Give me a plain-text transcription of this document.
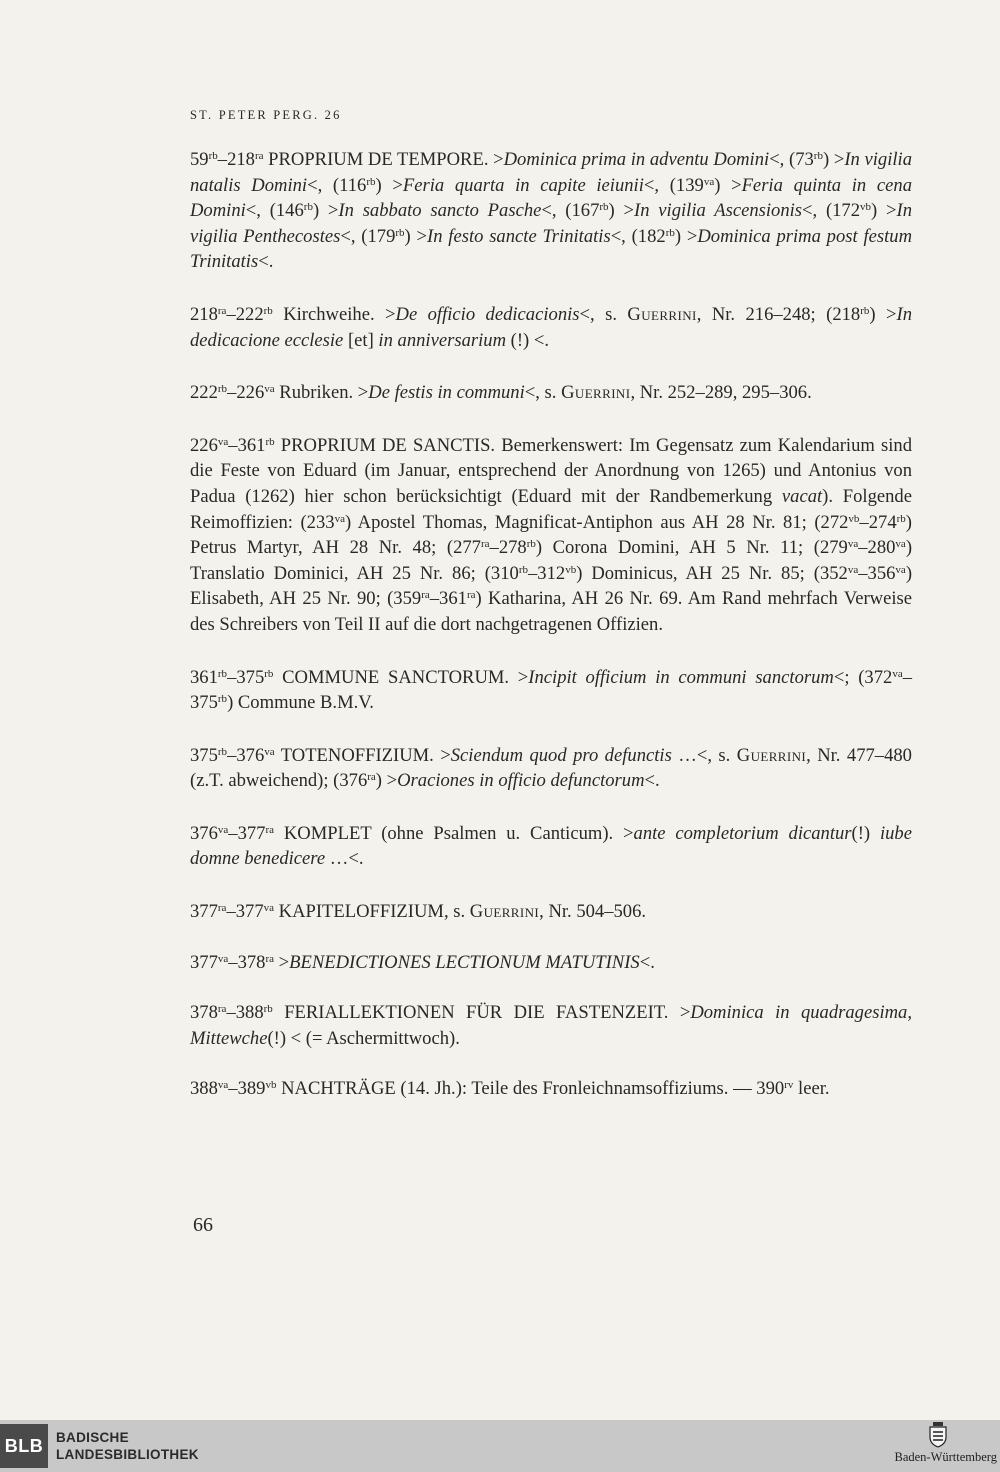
ST. PETER PERG. 26

$59^{rb}-218^{ra}$ PROPRIUM DE TEMPORE. >Dominica prima in adventu Domini<, $(73^{rb}) >In$ vigilia natalis Domini<, $(116^{rb})$ >Feria quarta in capite ieiunii<, $(139^{va})$ >Feria quinta in cena Domini<, $(146^{rb}) >In$ sabbato sancto Pasche<, $(167^{rb}) >In$ vigilia Ascensionis<, $(172^{vb}) >In$ vigilia Penthecostes<, $(179^{rb}) >In$ festo sancte Trinitatis<, $(182^{rb})$ >Dominica prima post festum Trinitatis<.

$218^{ra}-222^{rb}$ Kirchweihe. >De officio dedicacionis<, s. Guerrini, Nr. 216–248; $(218^{rb}) >In$ dedicacione ecclesie [et] in anniversarium (!) <.

$222^{rb}-226^{va}$ Rubriken. >De festis in communi<, s. Guerrini, Nr. 252–289, 295–306.

$226^{va}-361^{rb}$ PROPRIUM DE SANCTIS. Bemerkenswert: Im Gegensatz zum Kalendarium sind die Feste von Eduard (im Januar, entsprechend der Anordnung von 1265) und Antonius von Padua (1262) hier schon berücksichtigt (Eduard mit der Randbemerkung vacat). Folgende Reimoffizien: $(233^{va})$ Apostel Thomas, Magnificat-Antiphon aus AH 28 Nr. 81; $(272^{vb}-274^{rb})$ Petrus Martyr, AH 28 Nr. 48; $(277^{ra}-278^{rb})$ Corona Domini, AH 5 Nr. 11; $(279^{va}-280^{va})$ Translatio Dominici, AH 25 Nr. 86; $(310^{rb}-312^{vb})$ Dominicus, AH 25 Nr. 85; $(352^{va}-356^{va})$ Elisabeth, AH 25 Nr. 90; $(359^{ra}-361^{ra})$ Katharina, AH 26 Nr. 69. Am Rand mehrfach Verweise des Schreibers von Teil II auf die dort nachgetragenen Offizien.

$361^{rb}-375^{rb}$ COMMUNE SANCTORUM. >Incipit officium in communi sanctorum<; $(372^{va}-375^{rb})$ Commune B.M.V.

$375^{rb}-376^{va}$ TOTENOFFIZIUM. >Sciendum quod pro defunctis …<, s. Guerrini, Nr. 477–480 (z.T. abweichend); $(376^{ra})$ >Oraciones in officio defunctorum<.

$376^{va}-377^{ra}$ KOMPLET (ohne Psalmen u. Canticum). >ante completorium dicantur(!) iube domne benedicere …<.

$377^{ra}-377^{va}$ KAPITELOFFIZIUM, s. Guerrini, Nr. 504–506.

$377^{va}-378^{ra}$ >BENEDICTIONES LECTIONUM MATUTINIS<.

$378^{ra}-388^{rb}$ FERIALLEKTIONEN FÜR DIE FASTENZEIT. >Dominica in quadragesima, Mittewche(!) < (= Aschermittwoch).

$388^{va}-389^{vb}$ NACHTRÄGE (14. Jh.): Teile des Fronleichnamsoffiziums. — $390^{rv}$ leer.

66
BLB BADISCHE
LANDESBIBLIOTHEK	Baden-Württemberg
